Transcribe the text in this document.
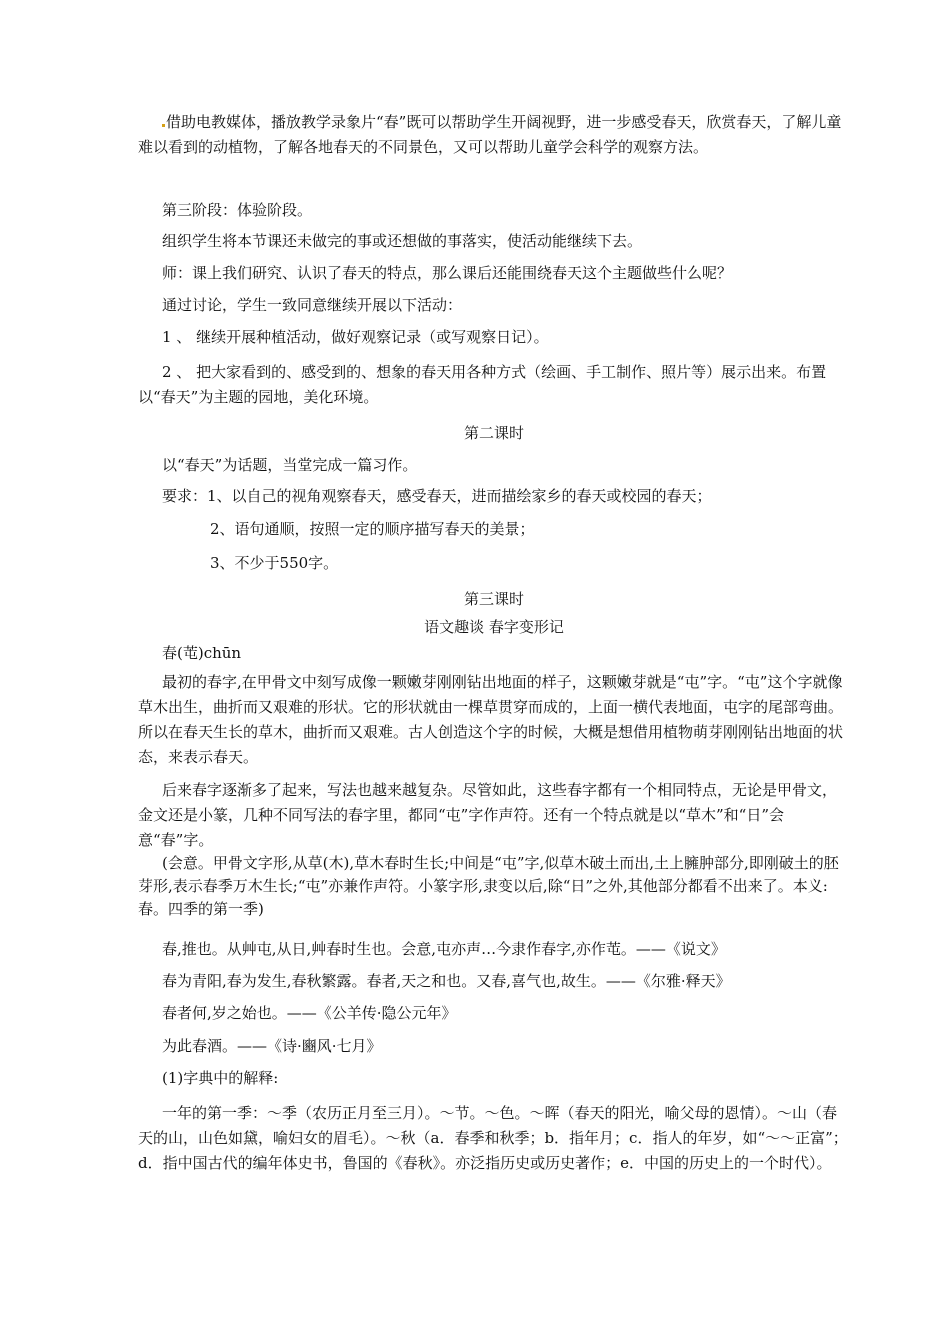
借助电教媒体，播放教学录象片“春”既可以帮助学生开阔视野，进一步感受春天，欣赏春天，了解儿童难以看到的动植物，了解各地春天的不同景色，又可以帮助儿童学会科学的观察方法。

第三阶段：体验阶段。

组织学生将本节课还未做完的事或还想做的事落实，使活动能继续下去。

师：课上我们研究、认识了春天的特点，那么课后还能围绕春天这个主题做些什么呢？

通过讨论，学生一致同意继续开展以下活动：

1 、 继续开展种植活动，做好观察记录（或写观察日记）。

2 、 把大家看到的、感受到的、想象的春天用各种方式（绘画、手工制作、照片等）展示出来。布置以“春天”为主题的园地，美化环境。

第二课时

以“春天”为话题，当堂完成一篇习作。

要求：1、以自己的视角观察春天，感受春天，进而描绘家乡的春天或校园的春天；

2、语句通顺，按照一定的顺序描写春天的美景；

3、不少于550字。

第三课时

语文趣谈 春字变形记

春(芚)chūn

最初的春字,在甲骨文中刻写成像一颗嫩芽刚刚钻出地面的样子，这颗嫩芽就是“屯”字。“屯”这个字就像草木出生，曲折而又艰难的形状。它的形状就由一棵草贯穿而成的，上面一横代表地面，屯字的尾部弯曲。所以在春天生长的草木，曲折而又艰难。古人创造这个字的时候，大概是想借用植物萌芽刚刚钻出地面的状态，来表示春天。

后来春字逐渐多了起来，写法也越来越复杂。尽管如此，这些春字都有一个相同特点，无论是甲骨文，金文还是小篆，几种不同写法的春字里，都同“屯”字作声符。还有一个特点就是以“草木”和“日”会意“春”字。

(会意。甲骨文字形,从草(木),草木春时生长;中间是“屯”字,似草木破土而出,土上臃肿部分,即刚破土的胚芽形,表示春季万木生长;“屯”亦兼作声符。小篆字形,隶变以后,除“日”之外,其他部分都看不出来了。本义:春。四季的第一季)

春,推也。从艸屯,从日,艸春时生也。会意,屯亦声…今隶作春字,亦作芚。——《说文》

春为青阳,春为发生,春秋繁露。春者,天之和也。又春,喜气也,故生。——《尔雅·释天》

春者何,岁之始也。——《公羊传·隐公元年》

为此春酒。——《诗·豳风·七月》

(1)字典中的解释:

一年的第一季：～季（农历正月至三月）。～节。～色。～晖（春天的阳光，喻父母的恩情）。～山（春天的山，山色如黛，喻妇女的眉毛）。～秋（a．春季和秋季；b．指年月；c．指人的年岁，如“～～正富”；d．指中国古代的编年体史书，鲁国的《春秋》。亦泛指历史或历史著作；e．中国的历史上的一个时代）。
